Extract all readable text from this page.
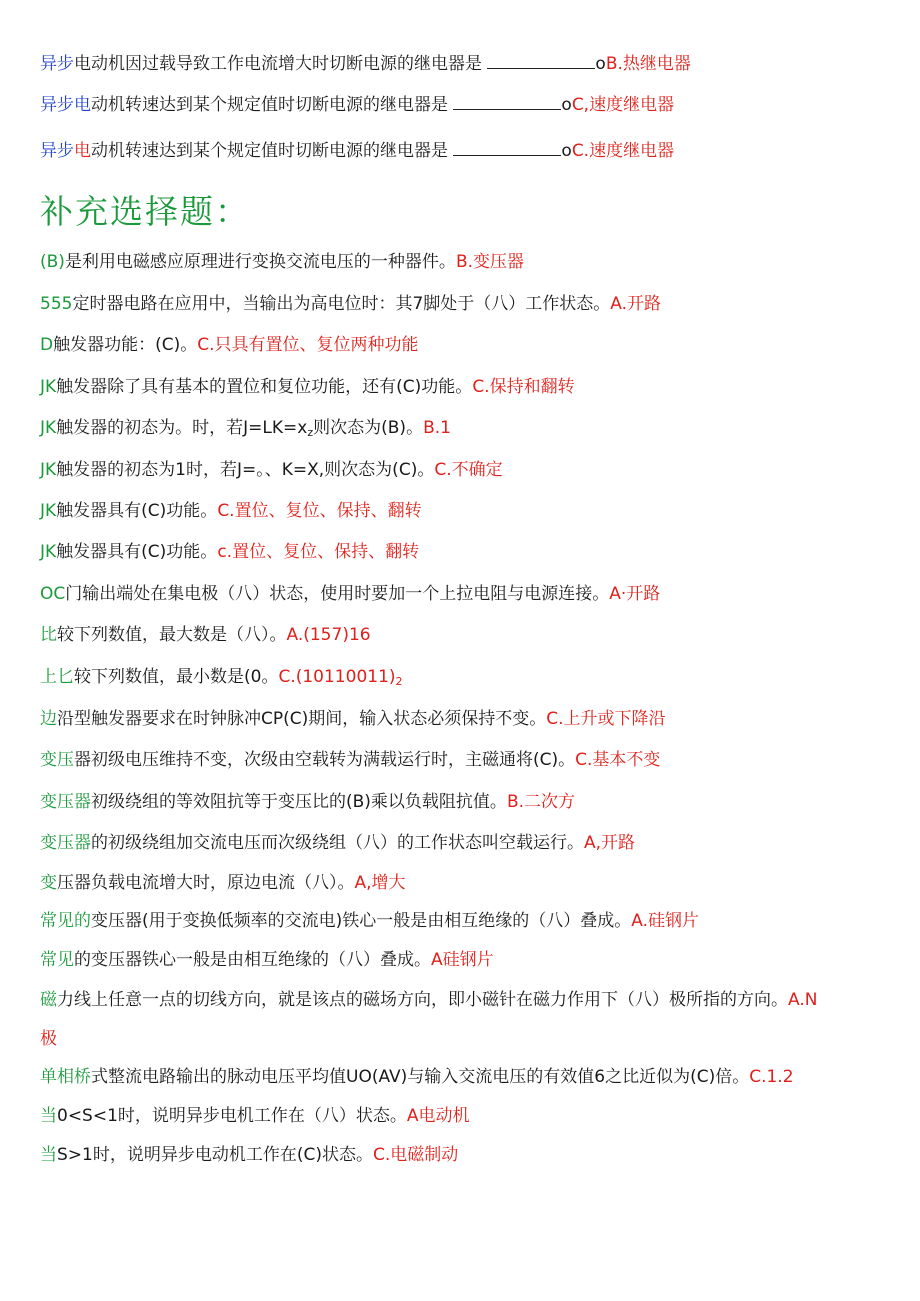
异步电动机因过载导致工作电流增大时切断电源的继电器是	oB.热继电器
异步电动机转速达到某个规定值时切断电源的继电器是	oC,速度继电器
异步电动机转速达到某个规定值时切断电源的继电器是	oC.速度继电器
补充选择题：
(B)是利用电磁感应原理进行变换交流电压的一种器件。B.变压器
555定时器电路在应用中，当输出为高电位时：其7脚处于（八）工作状态。A.开路
D触发器功能：(C)。C.只具有置位、复位两种功能
JK触发器除了具有基本的置位和复位功能，还有(C)功能。C.保持和翻转
JK触发器的初态为。时，若$J=LK=x_z$则次态为(B)。B.1
JK触发器的初态为1时，若J=。、K=X,则次态为(C)。C.不确定
JK触发器具有(C)功能。C.置位、复位、保持、翻转
JK触发器具有(C)功能。c.置位、复位、保持、翻转
OC门输出端处在集电极（八）状态，使用时要加一个上拉电阻与电源连接。A·开路
比较下列数值，最大数是（八）。A.(157)16
上匕较下列数值，最小数是(0。$C.(10110011)_2$
边沿型触发器要求在时钟脉冲CP(C)期间，输入状态必须保持不变。C.上升或下降沿
变压器初级电压维持不变，次级由空载转为满载运行时，主磁通将(C)。C.基本不变
变压器初级绕组的等效阻抗等于变压比的(B)乘以负载阻抗值。B.二次方
变压器的初级绕组加交流电压而次级绕组（八）的工作状态叫空载运行。A,开路
变压器负载电流增大时，原边电流（八）。A,增大
常见的变压器(用于变换低频率的交流电)铁心一般是由相互绝缘的（八）叠成。A.硅钢片
常见的变压器铁心一般是由相互绝缘的（八）叠成。A硅钢片
磁力线上任意一点的切线方向，就是该点的磁场方向，即小磁针在磁力作用下（八）极所指的方向。A.N
极
单相桥式整流电路输出的脉动电压平均值UO(AV)与输入交流电压的有效值6之比近似为(C)倍。C.1.2
当0<S<1时，说明异步电机工作在（八）状态。A电动机
当S>1时，说明异步电动机工作在(C)状态。C.电磁制动
